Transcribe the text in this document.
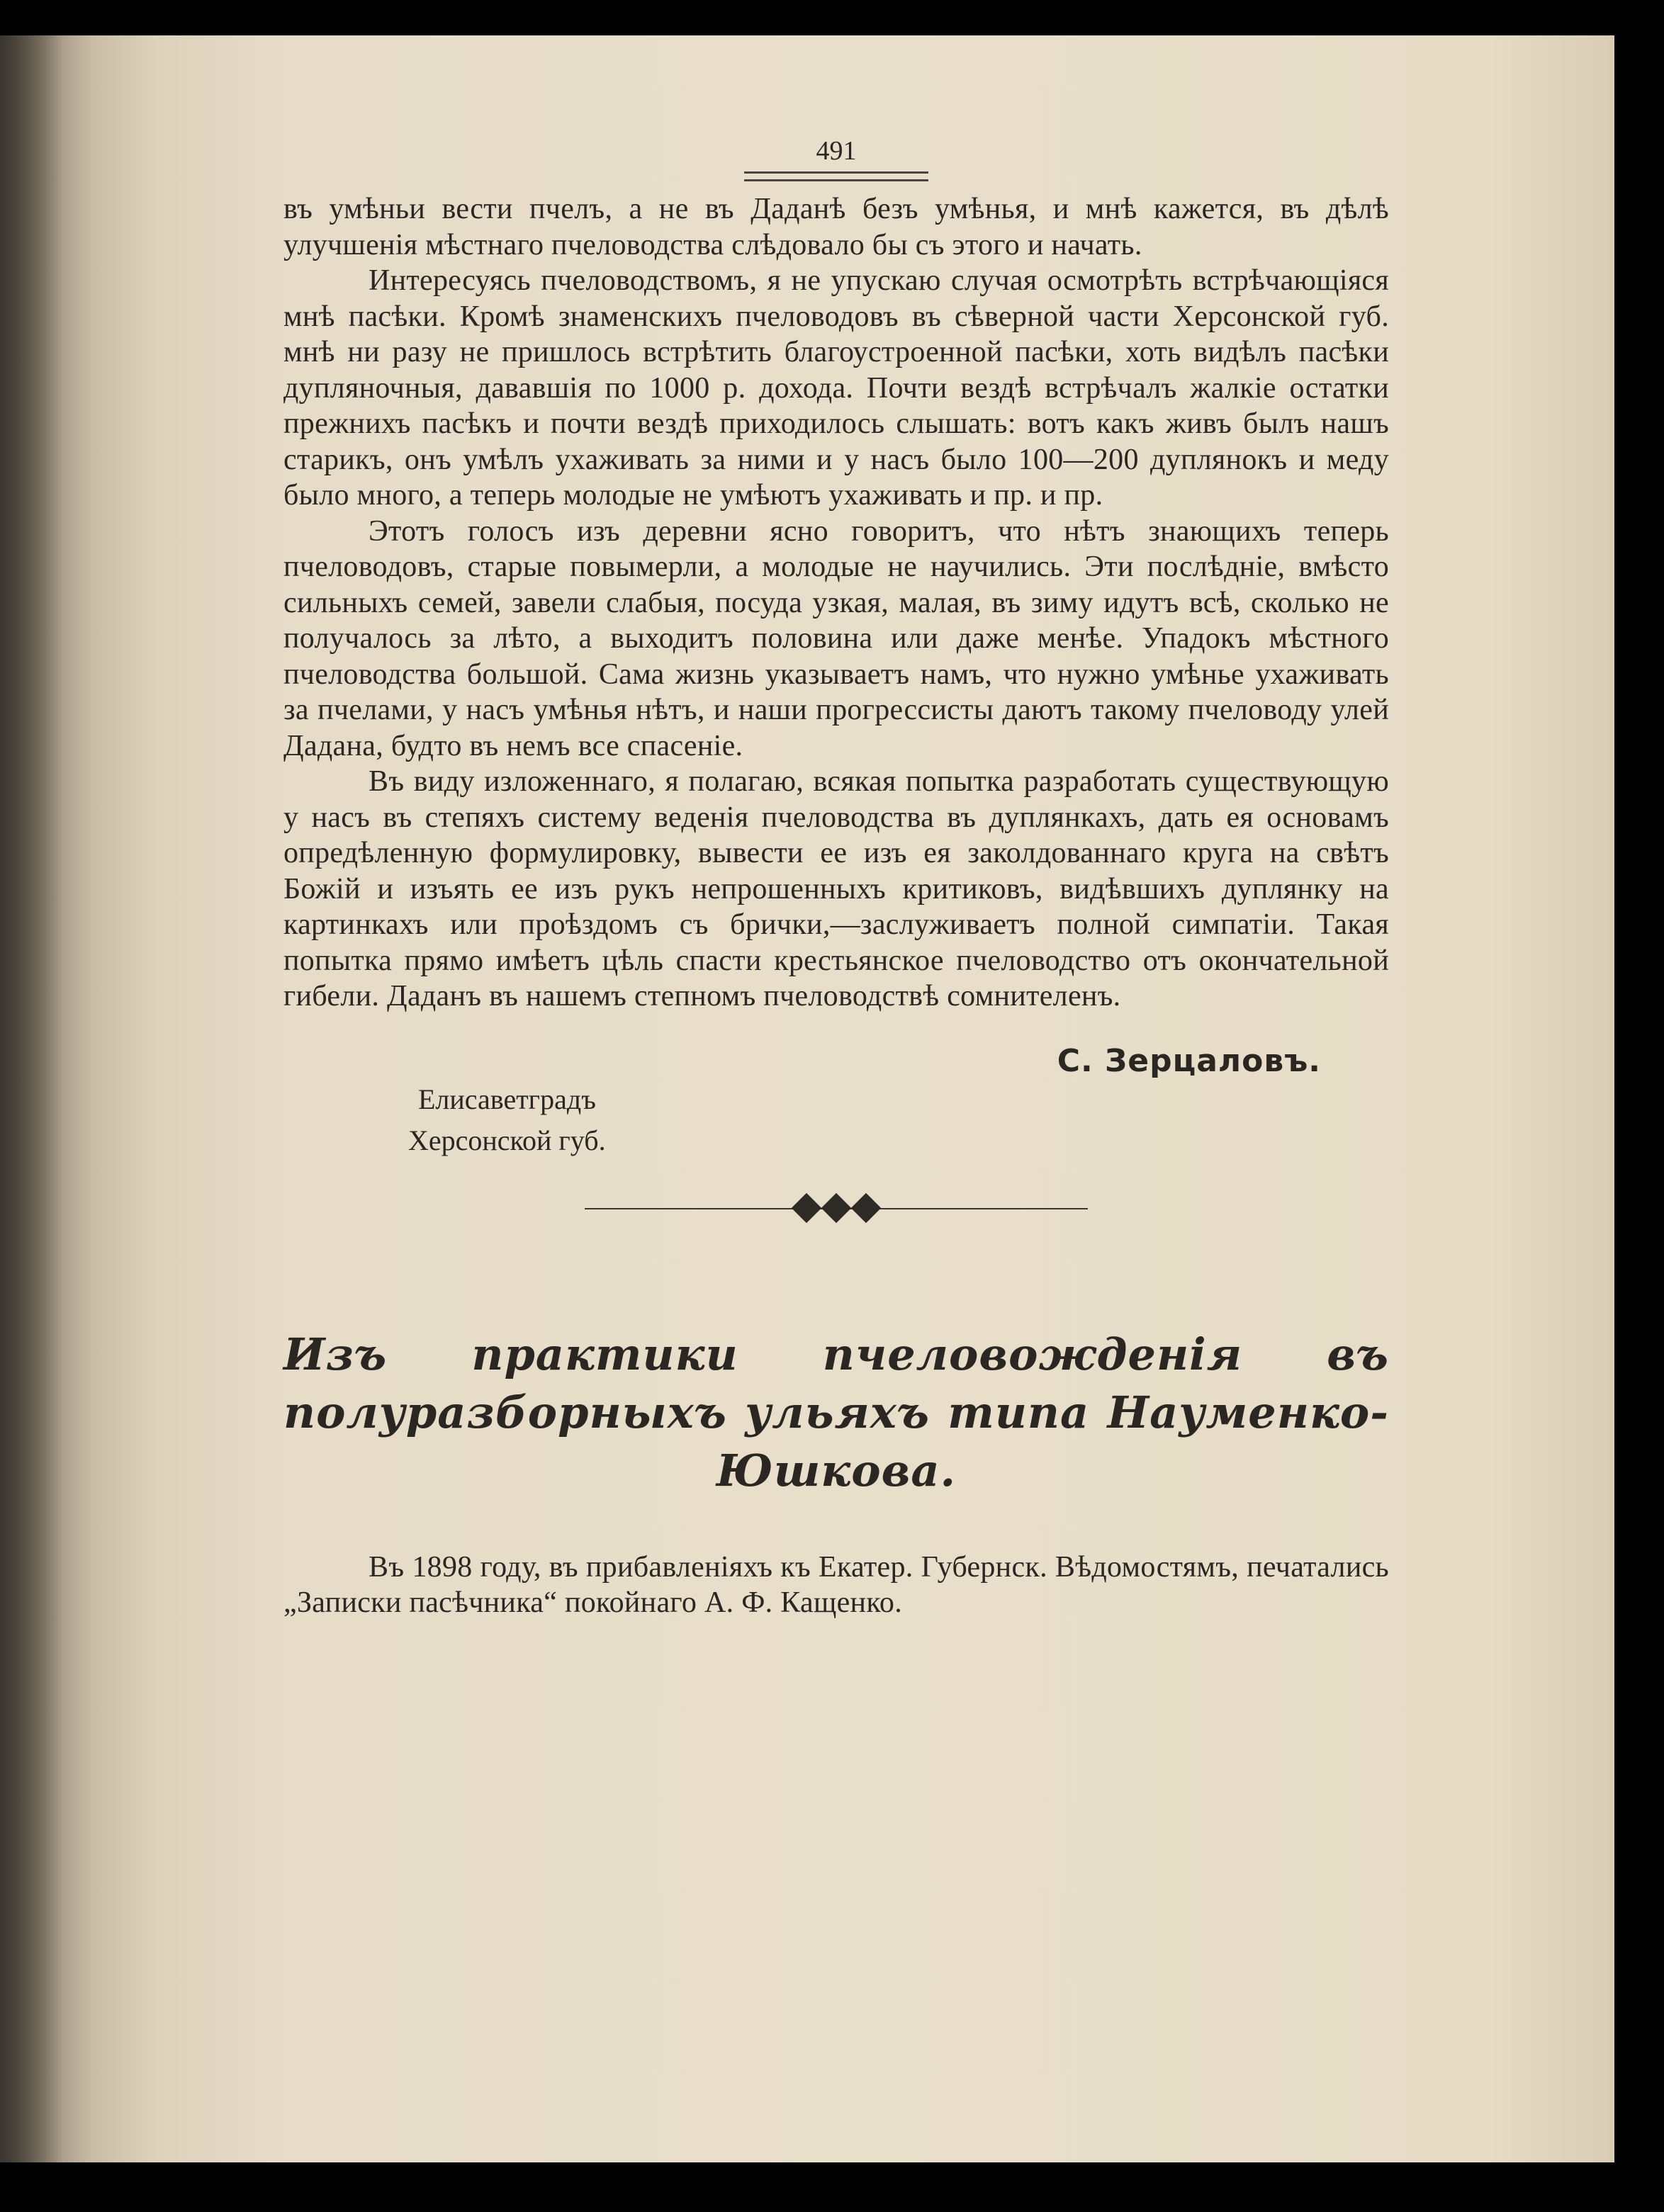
491

въ умѣньи вести пчелъ, а не въ Даданѣ безъ умѣнья, и мнѣ кажется, въ дѣлѣ улучшенія мѣстнаго пчеловодства слѣдовало бы съ этого и начать.

Интересуясь пчеловодствомъ, я не упускаю случая осмотрѣть встрѣчающіяся мнѣ пасѣки. Кромѣ знаменскихъ пчеловодовъ въ сѣверной части Херсонской губ. мнѣ ни разу не пришлось встрѣтить благоустроенной пасѣки, хоть видѣлъ пасѣки дупляночныя, дававшія по 1000 р. дохода. Почти вездѣ встрѣчалъ жалкіе остатки прежнихъ пасѣкъ и почти вездѣ приходилось слышать: вотъ какъ живъ былъ нашъ старикъ, онъ умѣлъ ухаживать за ними и у насъ было 100—200 дуплянокъ и меду было много, а теперь молодые не умѣютъ ухаживать и пр. и пр.

Этотъ голосъ изъ деревни ясно говоритъ, что нѣтъ знающихъ теперь пчеловодовъ, старые повымерли, а молодые не научились. Эти послѣдніе, вмѣсто сильныхъ семей, завели слабыя, посуда узкая, малая, въ зиму идутъ всѣ, сколько не получалось за лѣто, а выходитъ половина или даже менѣе. Упадокъ мѣстного пчеловодства большой. Сама жизнь указываетъ намъ, что нужно умѣнье ухаживать за пчелами, у насъ умѣнья нѣтъ, и наши прогрессисты даютъ такому пчеловоду улей Дадана, будто въ немъ все спасеніе.

Въ виду изложеннаго, я полагаю, всякая попытка разработать существующую у насъ въ степяхъ систему веденія пчеловодства въ дуплянкахъ, дать ея основамъ опредѣленную формулировку, вывести ее изъ ея заколдованнаго круга на свѣтъ Божій и изъять ее изъ рукъ непрошенныхъ критиковъ, видѣвшихъ дуплянку на картинкахъ или проѣздомъ съ брички,—заслуживаетъ полной симпатіи. Такая попытка прямо имѣетъ цѣль спасти крестьянское пчеловодство отъ окончательной гибели. Даданъ въ нашемъ степномъ пчеловодствѣ сомнителенъ.

С. Зерцаловъ.
Елисаветградъ
Херсонской губ.
Изъ практики пчеловожденія въ полуразборныхъ ульяхъ типа Науменко-Юшкова.

Въ 1898 году, въ прибавленіяхъ къ Екатер. Губернск. Вѣдомостямъ, печатались „Записки пасѣчника“ покойнаго А. Ф. Кащенко.
